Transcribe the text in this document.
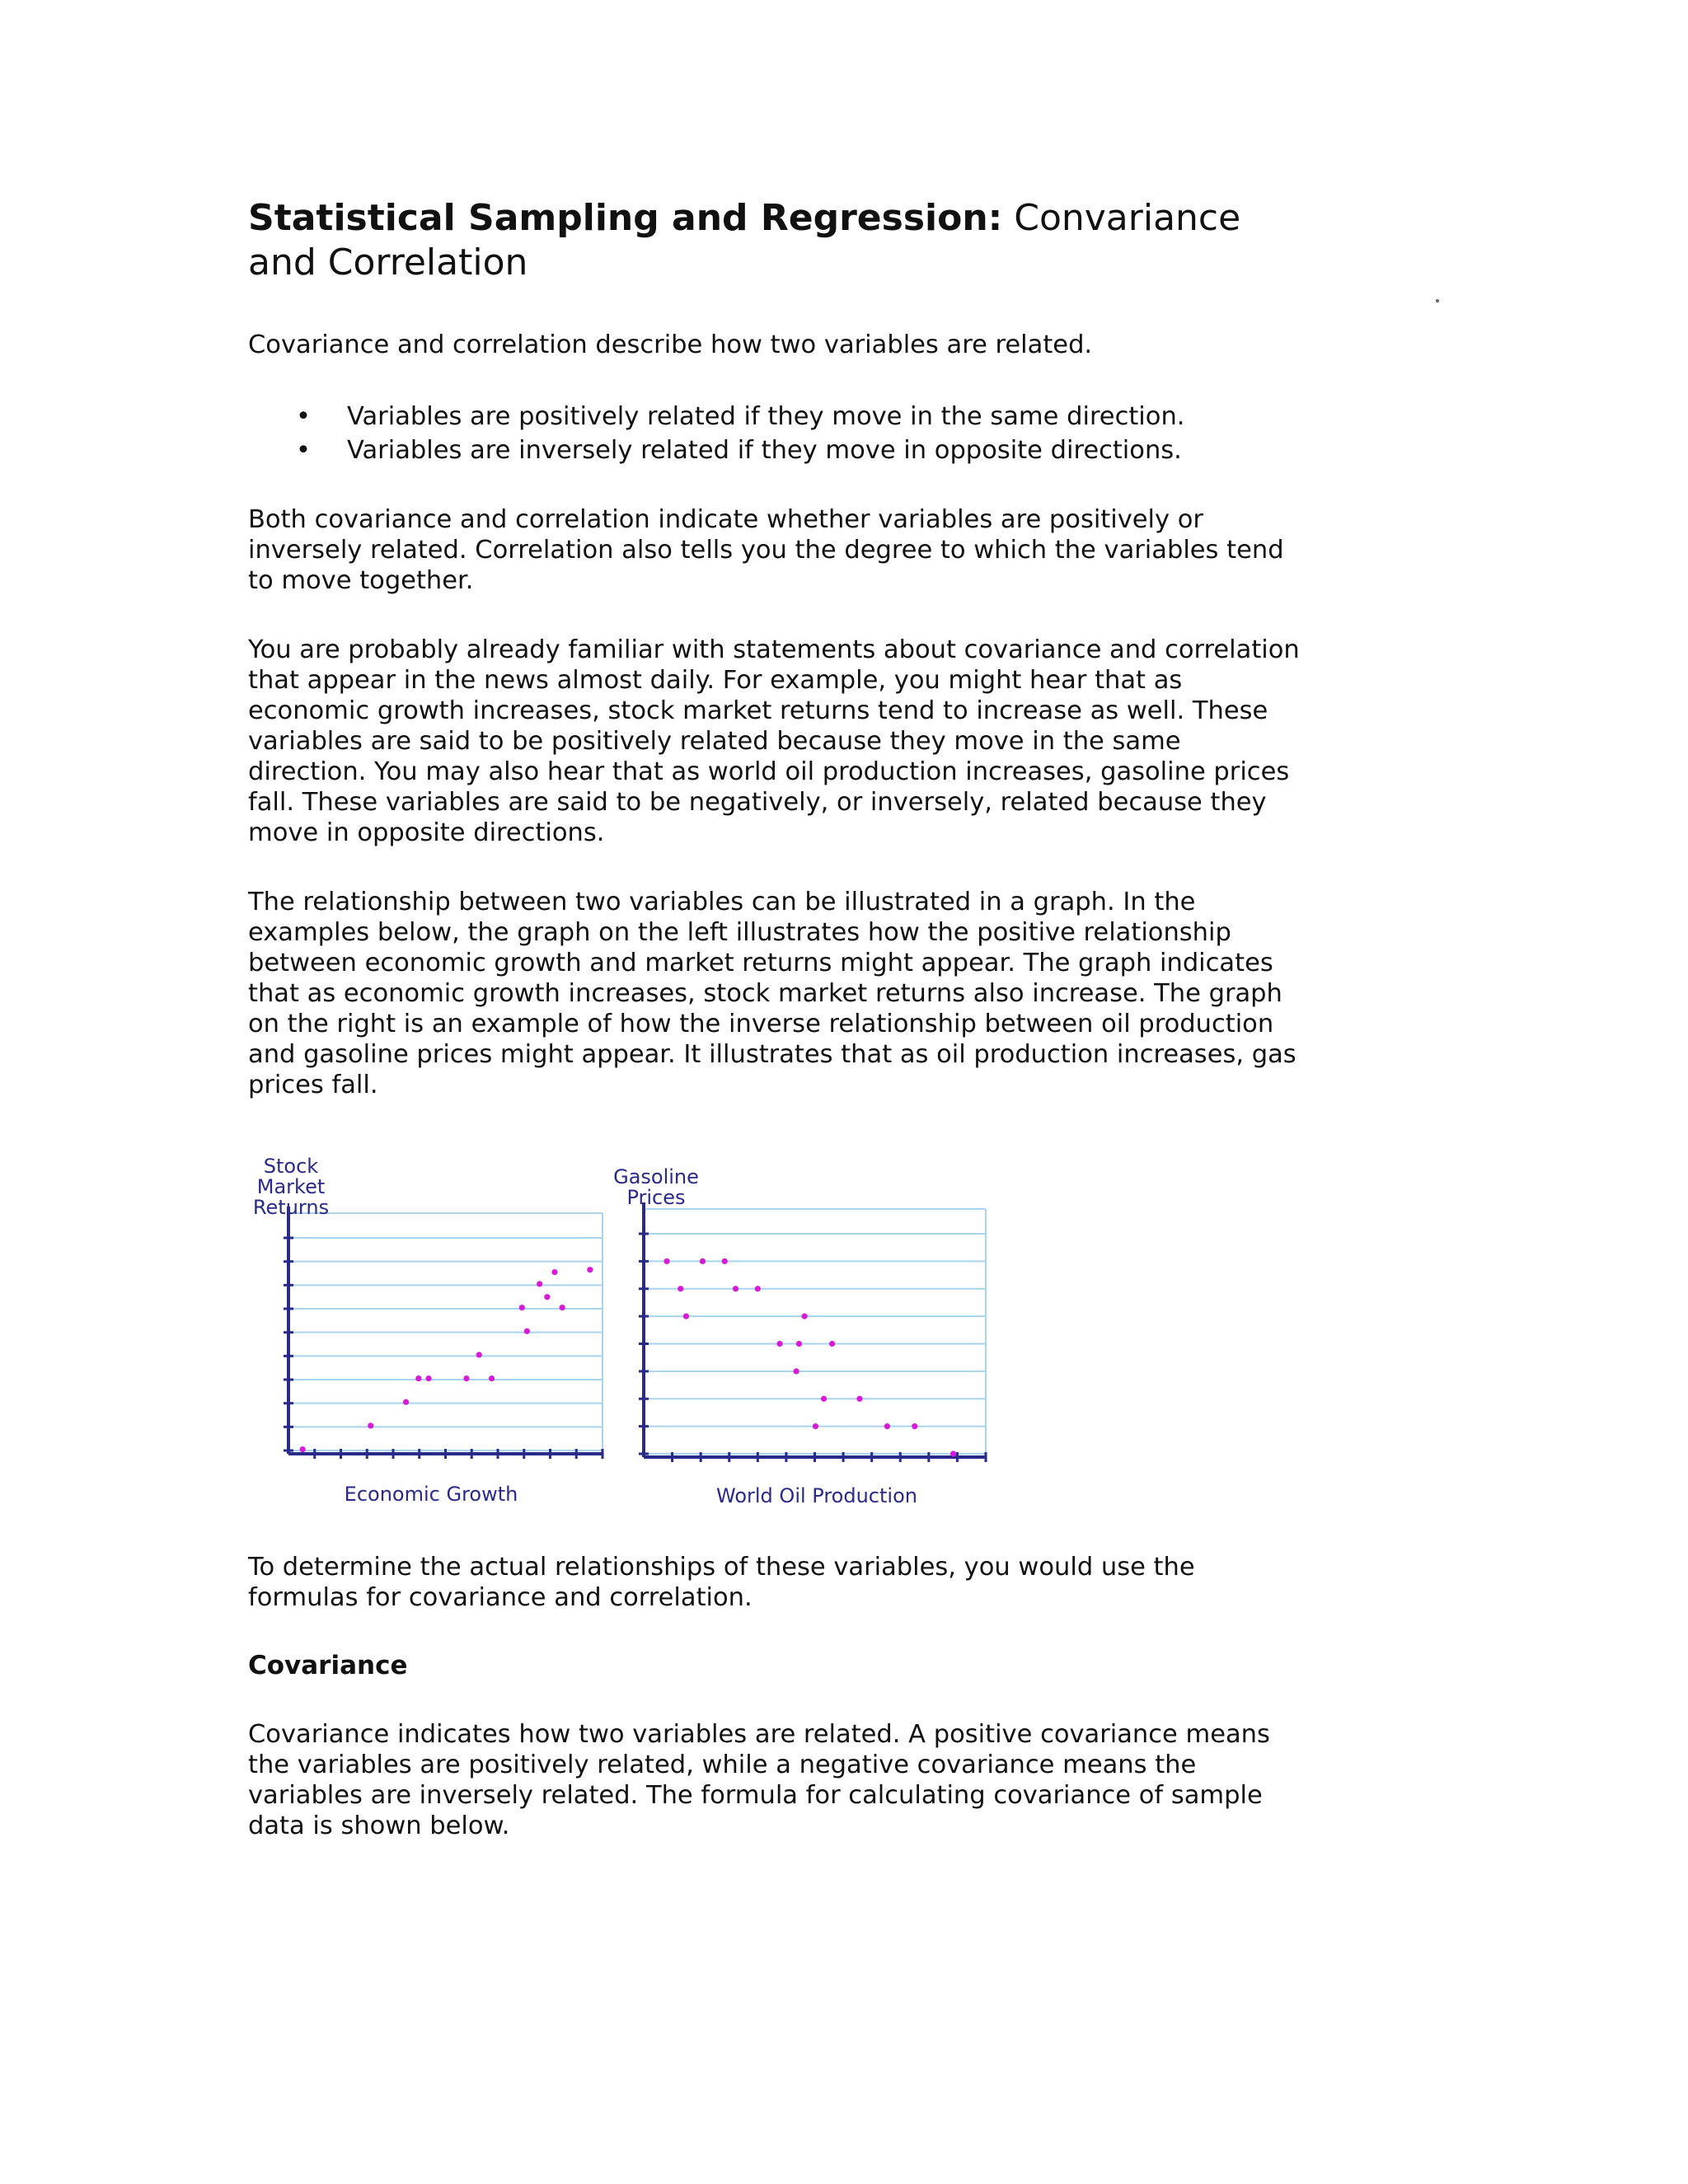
Statistical Sampling and Regression: Convariance and Correlation

Covariance and correlation describe how two variables are related.

• Variables are positively related if they move in the same direction.
• Variables are inversely related if they move in opposite directions.

Both covariance and correlation indicate whether variables are positively or inversely related. Correlation also tells you the degree to which the variables tend to move together.

You are probably already familiar with statements about covariance and correlation that appear in the news almost daily. For example, you might hear that as economic growth increases, stock market returns tend to increase as well. These variables are said to be positively related because they move in the same direction. You may also hear that as world oil production increases, gasoline prices fall. These variables are said to be negatively, or inversely, related because they move in opposite directions.

The relationship between two variables can be illustrated in a graph. In the examples below, the graph on the left illustrates how the positive relationship between economic growth and market returns might appear. The graph indicates that as economic growth increases, stock market returns also increase. The graph on the right is an example of how the inverse relationship between oil production and gasoline prices might appear. It illustrates that as oil production increases, gas prices fall.

Stock Market Returns
Economic Growth
Gasoline Prices
World Oil Production

To determine the actual relationships of these variables, you would use the formulas for covariance and correlation.

Covariance

Covariance indicates how two variables are related. A positive covariance means the variables are positively related, while a negative covariance means the variables are inversely related. The formula for calculating covariance of sample data is shown below.
